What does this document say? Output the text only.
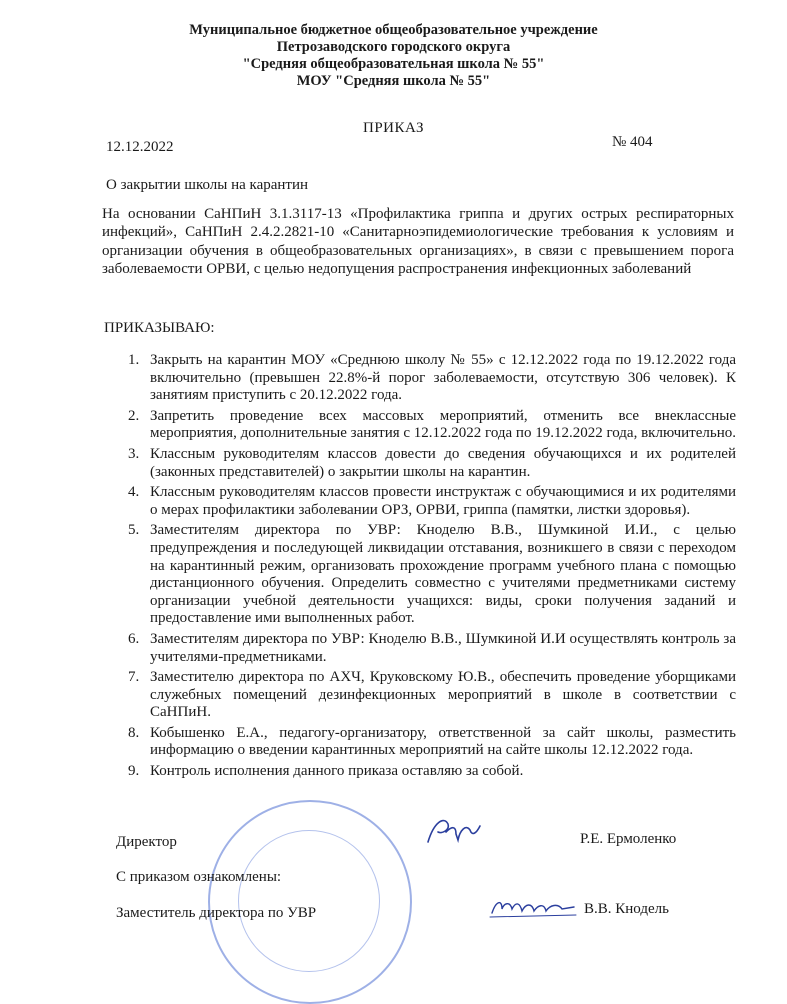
Муниципальное бюджетное общеобразовательное учреждение
Петрозаводского городского округа
"Средняя общеобразовательная школа № 55"
МОУ "Средняя школа № 55"
ПРИКАЗ
12.12.2022	№ 404
О закрытии школы на карантин
На основании СаНПиН 3.1.3117-13 «Профилактика гриппа и других острых респираторных инфекций», СаНПиН 2.4.2.2821-10 «Санитарноэпидемиологические требования к условиям и организации обучения в общеобразовательных организациях», в связи с превышением порога заболеваемости ОРВИ, с целью недопущения распространения инфекционных заболеваний
ПРИКАЗЫВАЮ:
1. Закрыть на карантин МОУ «Среднюю школу № 55» с 12.12.2022 года по 19.12.2022 года включительно (превышен 22.8%-й порог заболеваемости, отсутствую 306 человек). К занятиям приступить с 20.12.2022 года.
2. Запретить проведение всех массовых мероприятий, отменить все внеклассные мероприятия, дополнительные занятия с 12.12.2022 года по 19.12.2022 года, включительно.
3. Классным руководителям классов довести до сведения обучающихся и их родителей (законных представителей) о закрытии школы на карантин.
4. Классным руководителям классов провести инструктаж с обучающимися и их родителями о мерах профилактики заболевании ОРЗ, ОРВИ, гриппа (памятки, листки здоровья).
5. Заместителям директора по УВР: Кноделю В.В., Шумкиной И.И., с целью предупреждения и последующей ликвидации отставания, возникшего в связи с переходом на карантинный режим, организовать прохождение программ учебного плана с помощью дистанционного обучения. Определить совместно с учителями предметниками систему организации учебной деятельности учащихся: виды, сроки получения заданий и предоставление ими выполненных работ.
6. Заместителям директора по УВР: Кноделю В.В., Шумкиной И.И осуществлять контроль за учителями-предметниками.
7. Заместителю директора по АХЧ, Круковскому Ю.В., обеспечить проведение уборщиками служебных помещений дезинфекционных мероприятий в школе в соответствии с СаНПиН.
8. Кобышенко Е.А., педагогу-организатору, ответственной за сайт школы, разместить информацию о введении карантинных мероприятий на сайте школы 12.12.2022 года.
9. Контроль исполнения данного приказа оставляю за собой.
Директор	Р.Е. Ермоленко
С приказом ознакомлены:
Заместитель директора по УВР	В.В. Кнодель
